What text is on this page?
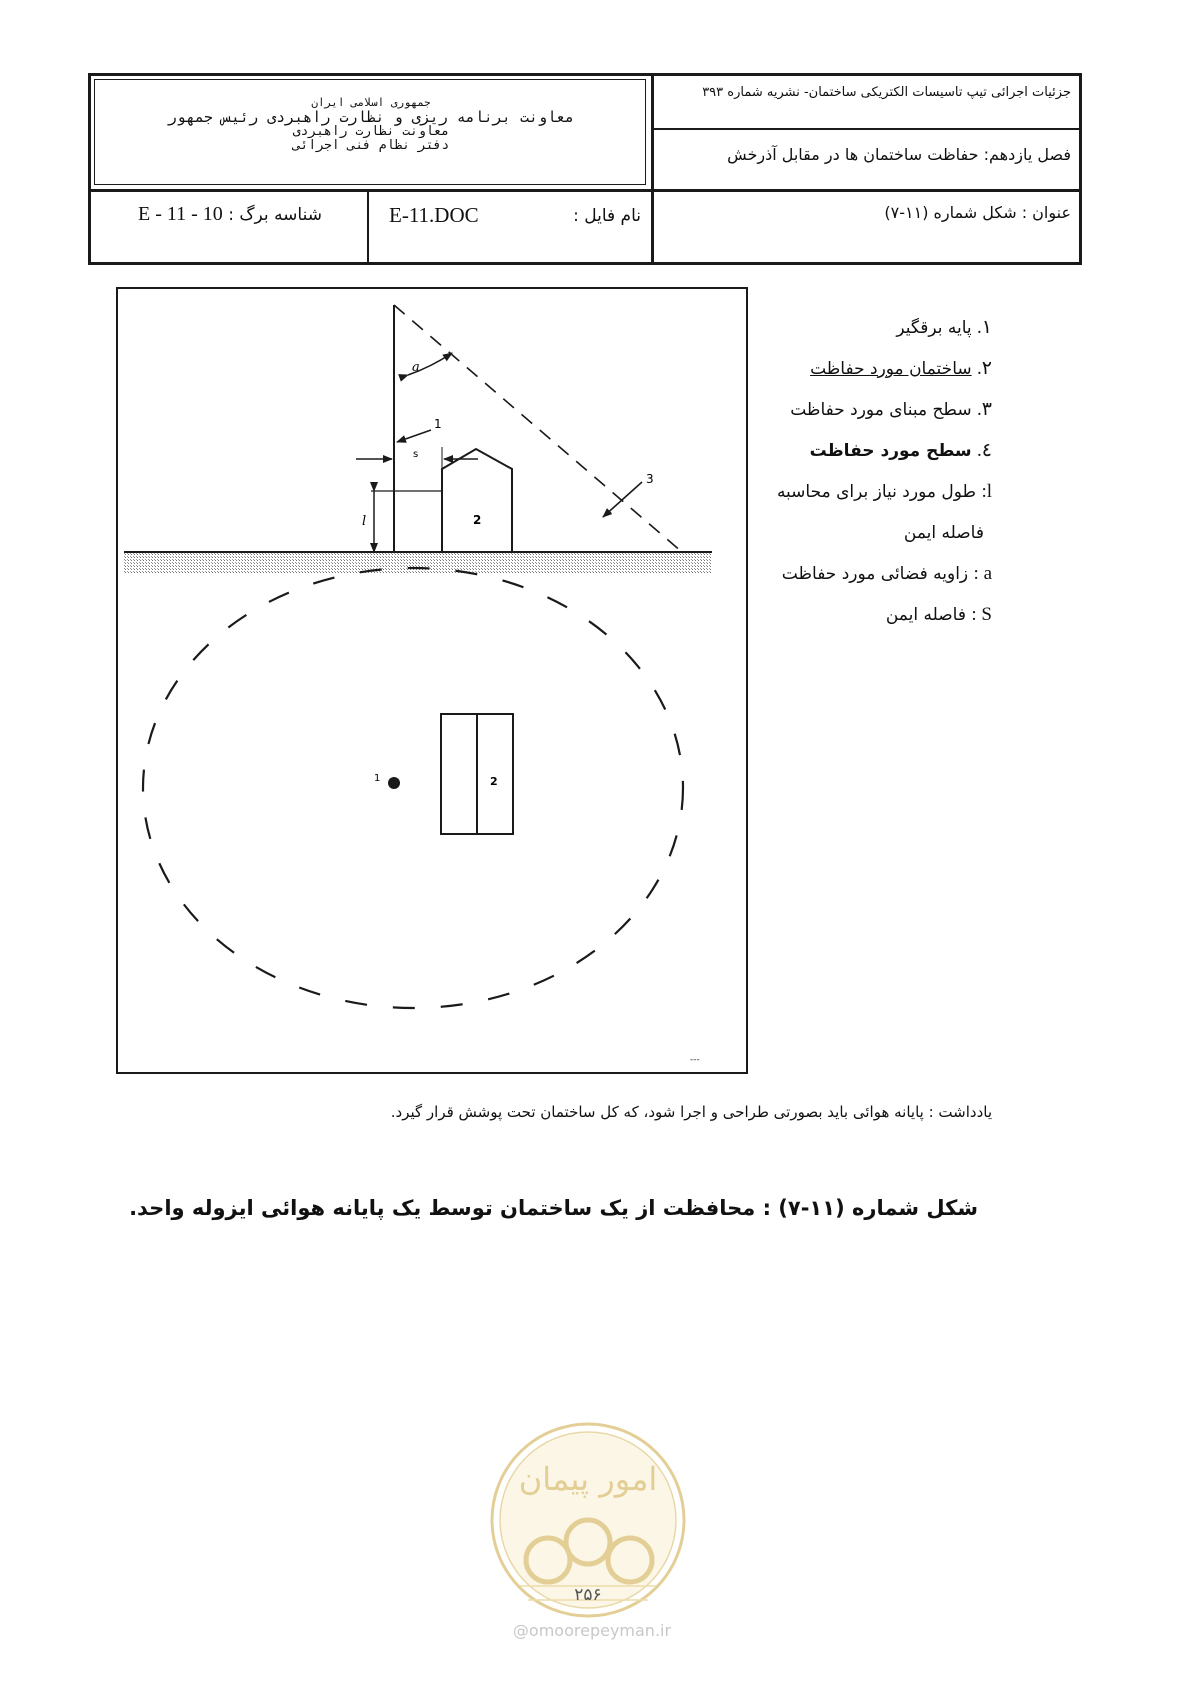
جزئیات اجرائی تیپ تاسیسات الکتریکی ساختمان- نشریه شماره ۳۹۳
فصل یازدهم: حفاظت ساختمان ها در مقابل آذرخش
عنوان : شکل شماره (۱۱-۷)
جمهوری اسلامی ایران
معاونت برنامه ریزی و نظارت راهبردی رئیس جمهور
معاونت نظارت راهبردی
دفتر نظام فنی اجرائی
نام فایل :
E-11.DOC
شناسه برگ : E - 11 - 10
a
1
s
l	2
3
1	2
---
۱. پایه برقگیر
۲. ساختمان مورد حفاظت
۳. سطح مبنای مورد حفاظت
٤. سطح مورد حفاظت
l: طول مورد نیاز برای محاسبه
فاصله ایمن
a : زاویه فضائی مورد حفاظت
S : فاصله ایمن
یادداشت : پایانه هوائی باید بصورتی طراحی و اجرا شود، که کل ساختمان تحت پوشش قرار گیرد.
شکل شماره (۱۱-۷) : محافظت از یک ساختمان توسط یک پایانه هوائی ایزوله واحد.
امور پیمان
۲۵۶
@omoorepeyman.ir
